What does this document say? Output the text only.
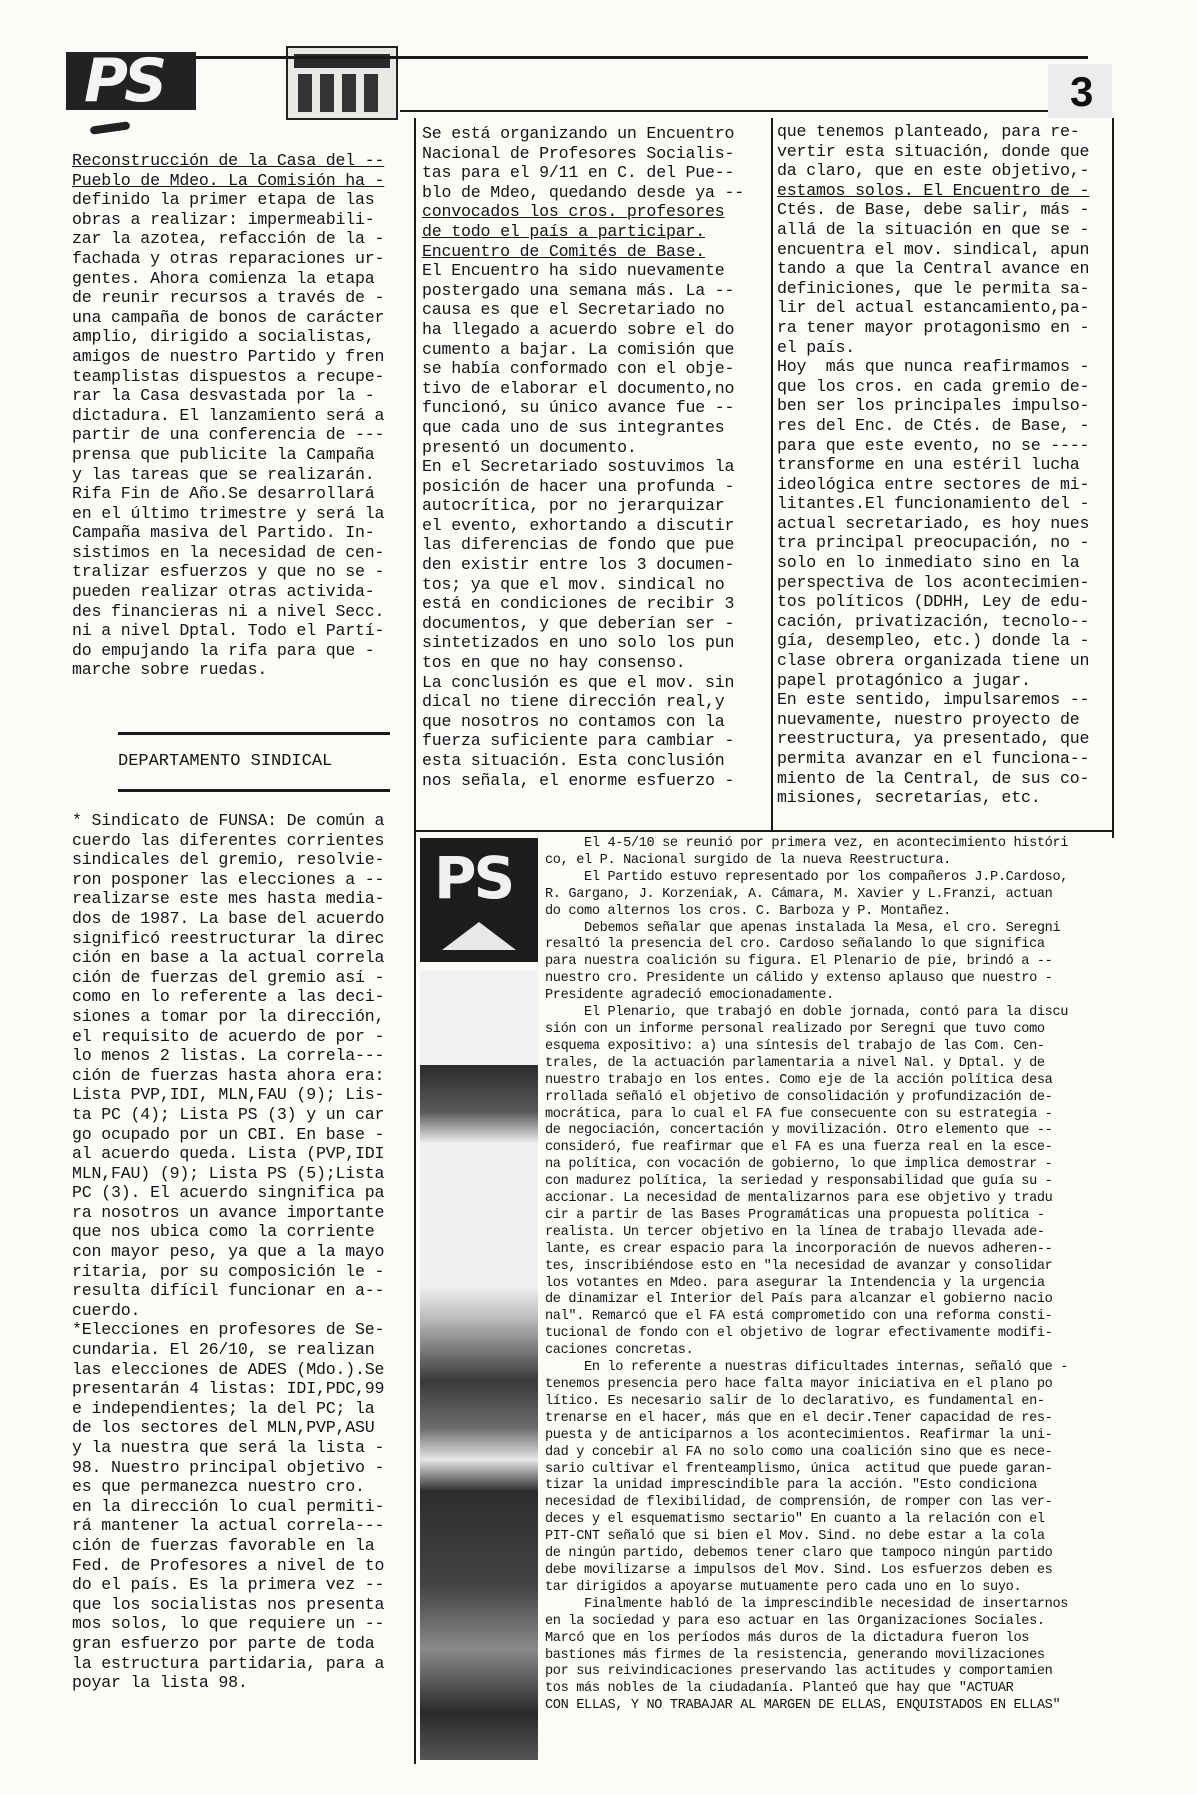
PS	3
Reconstrucción de la Casa del --
Pueblo de Mdeo. La Comisión ha -
definido la primer etapa de las
obras a realizar: impermeabili-
zar la azotea, refacción de la -
fachada y otras reparaciones ur-
gentes. Ahora comienza la etapa
de reunir recursos a través de -
una campaña de bonos de carácter
amplio, dirigido a socialistas,
amigos de nuestro Partido y fren
teamplistas dispuestos a recupe-
rar la Casa desvastada por la -
dictadura. El lanzamiento será a
partir de una conferencia de ---
prensa que publicite la Campaña
y las tareas que se realizarán.
Rifa Fin de Año.Se desarrollará
en el último trimestre y será la
Campaña masiva del Partido. In-
sistimos en la necesidad de cen-
tralizar esfuerzos y que no se -
pueden realizar otras activida-
des financieras ni a nivel Secc.
ni a nivel Dptal. Todo el Partí-
do empujando la rifa para que -
marche sobre ruedas.
DEPARTAMENTO SINDICAL
* Sindicato de FUNSA: De común a
cuerdo las diferentes corrientes
sindicales del gremio, resolvie-
ron posponer las elecciones a --
realizarse este mes hasta media-
dos de 1987. La base del acuerdo
significó reestructurar la direc
ción en base a la actual correla
ción de fuerzas del gremio así -
como en lo referente a las deci-
siones a tomar por la dirección,
el requisito de acuerdo de por -
lo menos 2 listas. La correla---
ción de fuerzas hasta ahora era:
Lista PVP,IDI, MLN,FAU (9); Lis-
ta PC (4); Lista PS (3) y un car
go ocupado por un CBI. En base -
al acuerdo queda. Lista (PVP,IDI
MLN,FAU) (9); Lista PS (5);Lista
PC (3). El acuerdo singnifica pa
ra nosotros un avance importante
que nos ubica como la corriente
con mayor peso, ya que a la mayo
ritaria, por su composición le -
resulta difícil funcionar en a--
cuerdo.
*Elecciones en profesores de Se-
cundaria. El 26/10, se realizan
las elecciones de ADES (Mdo.).Se
presentarán 4 listas: IDI,PDC,99
e independientes; la del PC; la
de los sectores del MLN,PVP,ASU
y la nuestra que será la lista -
98. Nuestro principal objetivo -
es que permanezca nuestro cro.
en la dirección lo cual permiti-
rá mantener la actual correla---
ción de fuerzas favorable en la
Fed. de Profesores a nivel de to
do el país. Es la primera vez --
que los socialistas nos presenta
mos solos, lo que requiere un --
gran esfuerzo por parte de toda
la estructura partidaria, para a
poyar la lista 98.
Se está organizando un Encuentro
Nacional de Profesores Socialis-
tas para el 9/11 en C. del Pue--
blo de Mdeo, quedando desde ya --
convocados los cros. profesores
de todo el país a participar.
Encuentro de Comités de Base.
El Encuentro ha sido nuevamente
postergado una semana más. La --
causa es que el Secretariado no
ha llegado a acuerdo sobre el do
cumento a bajar. La comisión que
se había conformado con el obje-
tivo de elaborar el documento,no
funcionó, su único avance fue --
que cada uno de sus integrantes
presentó un documento.
En el Secretariado sostuvimos la
posición de hacer una profunda -
autocrítica, por no jerarquizar
el evento, exhortando a discutir
las diferencias de fondo que pue
den existir entre los 3 documen-
tos; ya que el mov. sindical no
está en condiciones de recibir 3
documentos, y que deberían ser -
sintetizados en uno solo los pun
tos en que no hay consenso.
La conclusión es que el mov. sin
dical no tiene dirección real,y
que nosotros no contamos con la
fuerza suficiente para cambiar -
esta situación. Esta conclusión
nos señala, el enorme esfuerzo -
que tenemos planteado, para re-
vertir esta situación, donde que
da claro, que en este objetivo,-
estamos solos. El Encuentro de -
Ctés. de Base, debe salir, más -
allá de la situación en que se -
encuentra el mov. sindical, apun
tando a que la Central avance en
definiciones, que le permita sa-
lir del actual estancamiento,pa-
ra tener mayor protagonismo en -
el país.
Hoy  más que nunca reafirmamos -
que los cros. en cada gremio de-
ben ser los principales impulso-
res del Enc. de Ctés. de Base, -
para que este evento, no se ----
transforme en una estéril lucha
ideológica entre sectores de mi-
litantes.El funcionamiento del -
actual secretariado, es hoy nues
tra principal preocupación, no -
solo en lo inmediato sino en la
perspectiva de los acontecimien-
tos políticos (DDHH, Ley de edu-
cación, privatización, tecnolo--
gía, desempleo, etc.) donde la -
clase obrera organizada tiene un
papel protagónico a jugar.
En este sentido, impulsaremos --
nuevamente, nuestro proyecto de
reestructura, ya presentado, que
permita avanzar en el funciona--
miento de la Central, de sus co-
misiones, secretarías, etc.
PS
El 4-5/10 se reunió por primera vez, en acontecimiento históri
co, el P. Nacional surgido de la nueva Reestructura.
El Partido estuvo representado por los compañeros J.P.Cardoso,
R. Gargano, J. Korzeniak, A. Cámara, M. Xavier y L.Franzi, actuan
do como alternos los cros. C. Barboza y P. Montañez.
Debemos señalar que apenas instalada la Mesa, el cro. Seregni
resaltó la presencia del cro. Cardoso señalando lo que significa
para nuestra coalición su figura. El Plenario de pie, brindó a --
nuestro cro. Presidente un cálido y extenso aplauso que nuestro -
Presidente agradeció emocionadamente.
El Plenario, que trabajó en doble jornada, contó para la discu
sión con un informe personal realizado por Seregni que tuvo como
esquema expositivo: a) una síntesis del trabajo de las Com. Cen-
trales, de la actuación parlamentaria a nivel Nal. y Dptal. y de
nuestro trabajo en los entes. Como eje de la acción política desa
rrollada señaló el objetivo de consolidación y profundización de-
mocrática, para lo cual el FA fue consecuente con su estrategia -
de negociación, concertación y movilización. Otro elemento que --
consideró, fue reafirmar que el FA es una fuerza real en la esce-
na política, con vocación de gobierno, lo que implica demostrar -
con madurez política, la seriedad y responsabilidad que guía su -
accionar. La necesidad de mentalizarnos para ese objetivo y tradu
cir a partir de las Bases Programáticas una propuesta política -
realista. Un tercer objetivo en la línea de trabajo llevada ade-
lante, es crear espacio para la incorporación de nuevos adheren--
tes, inscribiéndose esto en "la necesidad de avanzar y consolidar
los votantes en Mdeo. para asegurar la Intendencia y la urgencia
de dinamizar el Interior del País para alcanzar el gobierno nacio
nal". Remarcó que el FA está comprometido con una reforma consti-
tucional de fondo con el objetivo de lograr efectivamente modifi-
caciones concretas.
En lo referente a nuestras dificultades internas, señaló que -
tenemos presencia pero hace falta mayor iniciativa en el plano po
lítico. Es necesario salir de lo declarativo, es fundamental en-
trenarse en el hacer, más que en el decir.Tener capacidad de res-
puesta y de anticiparnos a los acontecimientos. Reafirmar la uni-
dad y concebir al FA no solo como una coalición sino que es nece-
sario cultivar el frenteamplismo, única  actitud que puede garan-
tizar la unidad imprescindible para la acción. "Esto condiciona
necesidad de flexibilidad, de comprensión, de romper con las ver-
deces y el esquematismo sectario" En cuanto a la relación con el
PIT-CNT señaló que si bien el Mov. Sind. no debe estar a la cola
de ningún partido, debemos tener claro que tampoco ningún partido
debe movilizarse a impulsos del Mov. Sind. Los esfuerzos deben es
tar dirigidos a apoyarse mutuamente pero cada uno en lo suyo.
Finalmente habló de la imprescindible necesidad de insertarnos
en la sociedad y para eso actuar en las Organizaciones Sociales.
Marcó que en los períodos más duros de la dictadura fueron los
bastiones más firmes de la resistencia, generando movilizaciones
por sus reivindicaciones preservando las actitudes y comportamien
tos más nobles de la ciudadanía. Planteó que hay que "ACTUAR
CON ELLAS, Y NO TRABAJAR AL MARGEN DE ELLAS, ENQUISTADOS EN ELLAS"
